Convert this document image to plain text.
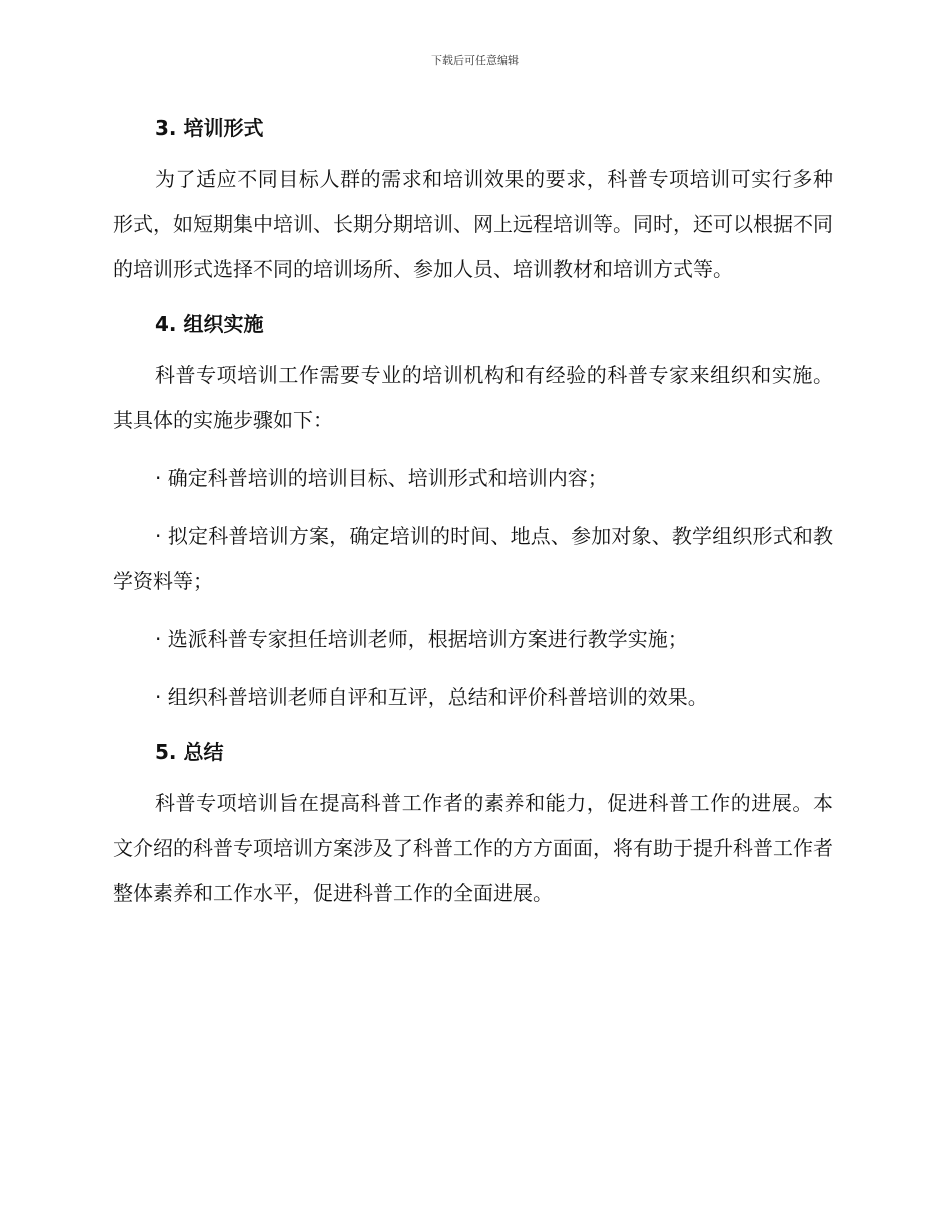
下载后可任意编辑
3. 培训形式

为了适应不同目标人群的需求和培训效果的要求，科普专项培训可实行多种形式，如短期集中培训、长期分期培训、网上远程培训等。同时，还可以根据不同的培训形式选择不同的培训场所、参加人员、培训教材和培训方式等。

4. 组织实施

科普专项培训工作需要专业的培训机构和有经验的科普专家来组织和实施。其具体的实施步骤如下：

· 确定科普培训的培训目标、培训形式和培训内容；

· 拟定科普培训方案，确定培训的时间、地点、参加对象、教学组织形式和教学资料等；

· 选派科普专家担任培训老师，根据培训方案进行教学实施；

· 组织科普培训老师自评和互评，总结和评价科普培训的效果。

5. 总结

科普专项培训旨在提高科普工作者的素养和能力，促进科普工作的进展。本文介绍的科普专项培训方案涉及了科普工作的方方面面，将有助于提升科普工作者整体素养和工作水平，促进科普工作的全面进展。
